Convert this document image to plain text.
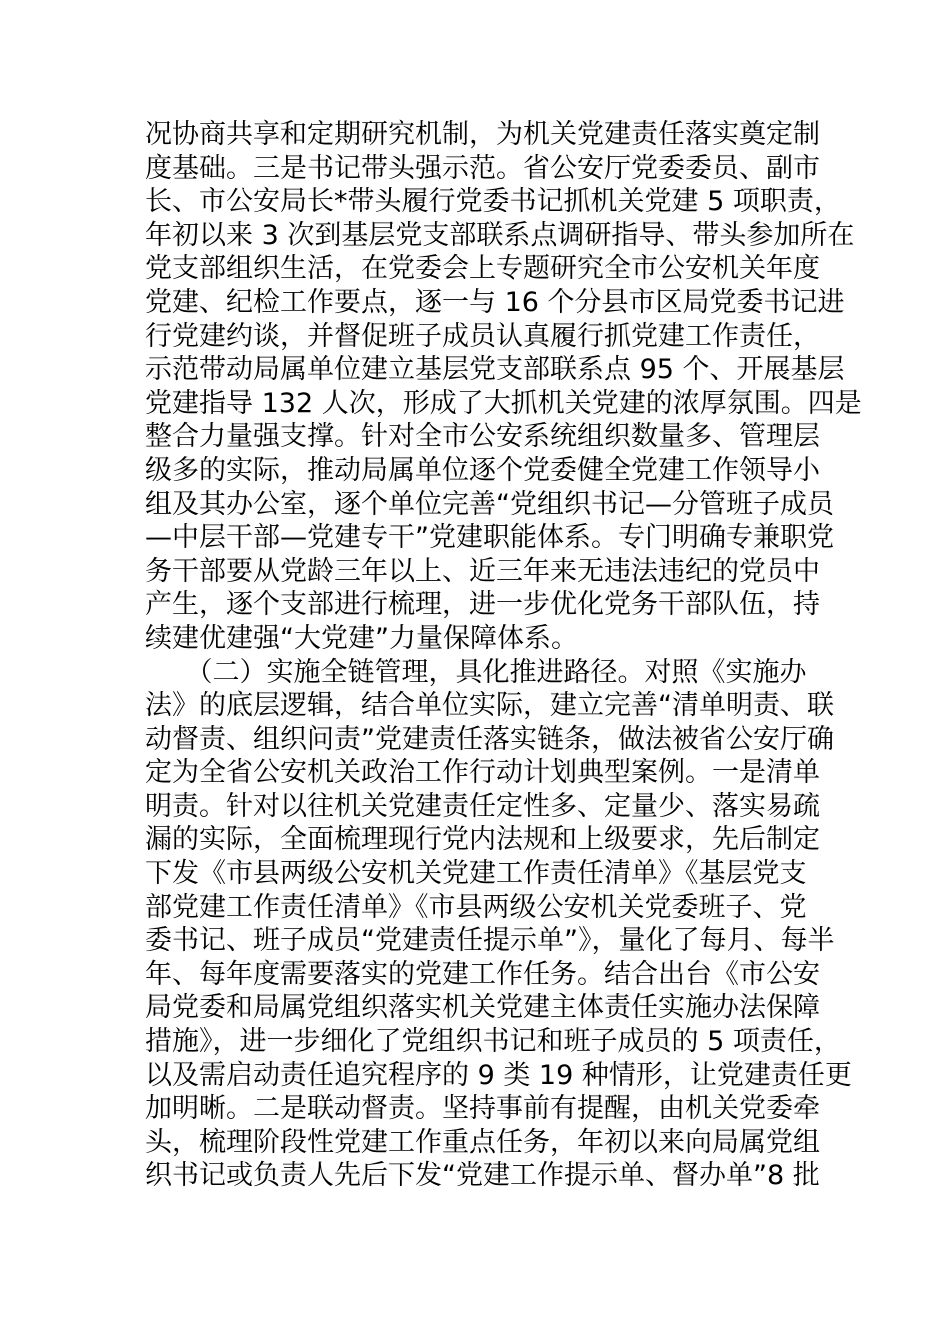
况协商共享和定期研究机制，为机关党建责任落实奠定制
度基础。三是书记带头强示范。省公安厅党委委员、副市
长、市公安局长*带头履行党委书记抓机关党建 5 项职责，
年初以来 3 次到基层党支部联系点调研指导、带头参加所在
党支部组织生活，在党委会上专题研究全市公安机关年度
党建、纪检工作要点，逐一与 16 个分县市区局党委书记进
行党建约谈，并督促班子成员认真履行抓党建工作责任，
示范带动局属单位建立基层党支部联系点 95 个、开展基层
党建指导 132 人次，形成了大抓机关党建的浓厚氛围。四是
整合力量强支撑。针对全市公安系统组织数量多、管理层
级多的实际，推动局属单位逐个党委健全党建工作领导小
组及其办公室，逐个单位完善“党组织书记—分管班子成员
—中层干部—党建专干”党建职能体系。专门明确专兼职党
务干部要从党龄三年以上、近三年来无违法违纪的党员中
产生，逐个支部进行梳理，进一步优化党务干部队伍，持
续建优建强“大党建”力量保障体系。
　　（二）实施全链管理，具化推进路径。对照《实施办
法》的底层逻辑，结合单位实际，建立完善“清单明责、联
动督责、组织问责”党建责任落实链条，做法被省公安厅确
定为全省公安机关政治工作行动计划典型案例。一是清单
明责。针对以往机关党建责任定性多、定量少、落实易疏
漏的实际，全面梳理现行党内法规和上级要求，先后制定
下发《市县两级公安机关党建工作责任清单》《基层党支
部党建工作责任清单》《市县两级公安机关党委班子、党
委书记、班子成员“党建责任提示单”》，量化了每月、每半
年、每年度需要落实的党建工作任务。结合出台《市公安
局党委和局属党组织落实机关党建主体责任实施办法保障
措施》，进一步细化了党组织书记和班子成员的 5 项责任，
以及需启动责任追究程序的 9 类 19 种情形，让党建责任更
加明晰。二是联动督责。坚持事前有提醒，由机关党委牵
头，梳理阶段性党建工作重点任务，年初以来向局属党组
织书记或负责人先后下发“党建工作提示单、督办单”8 批
